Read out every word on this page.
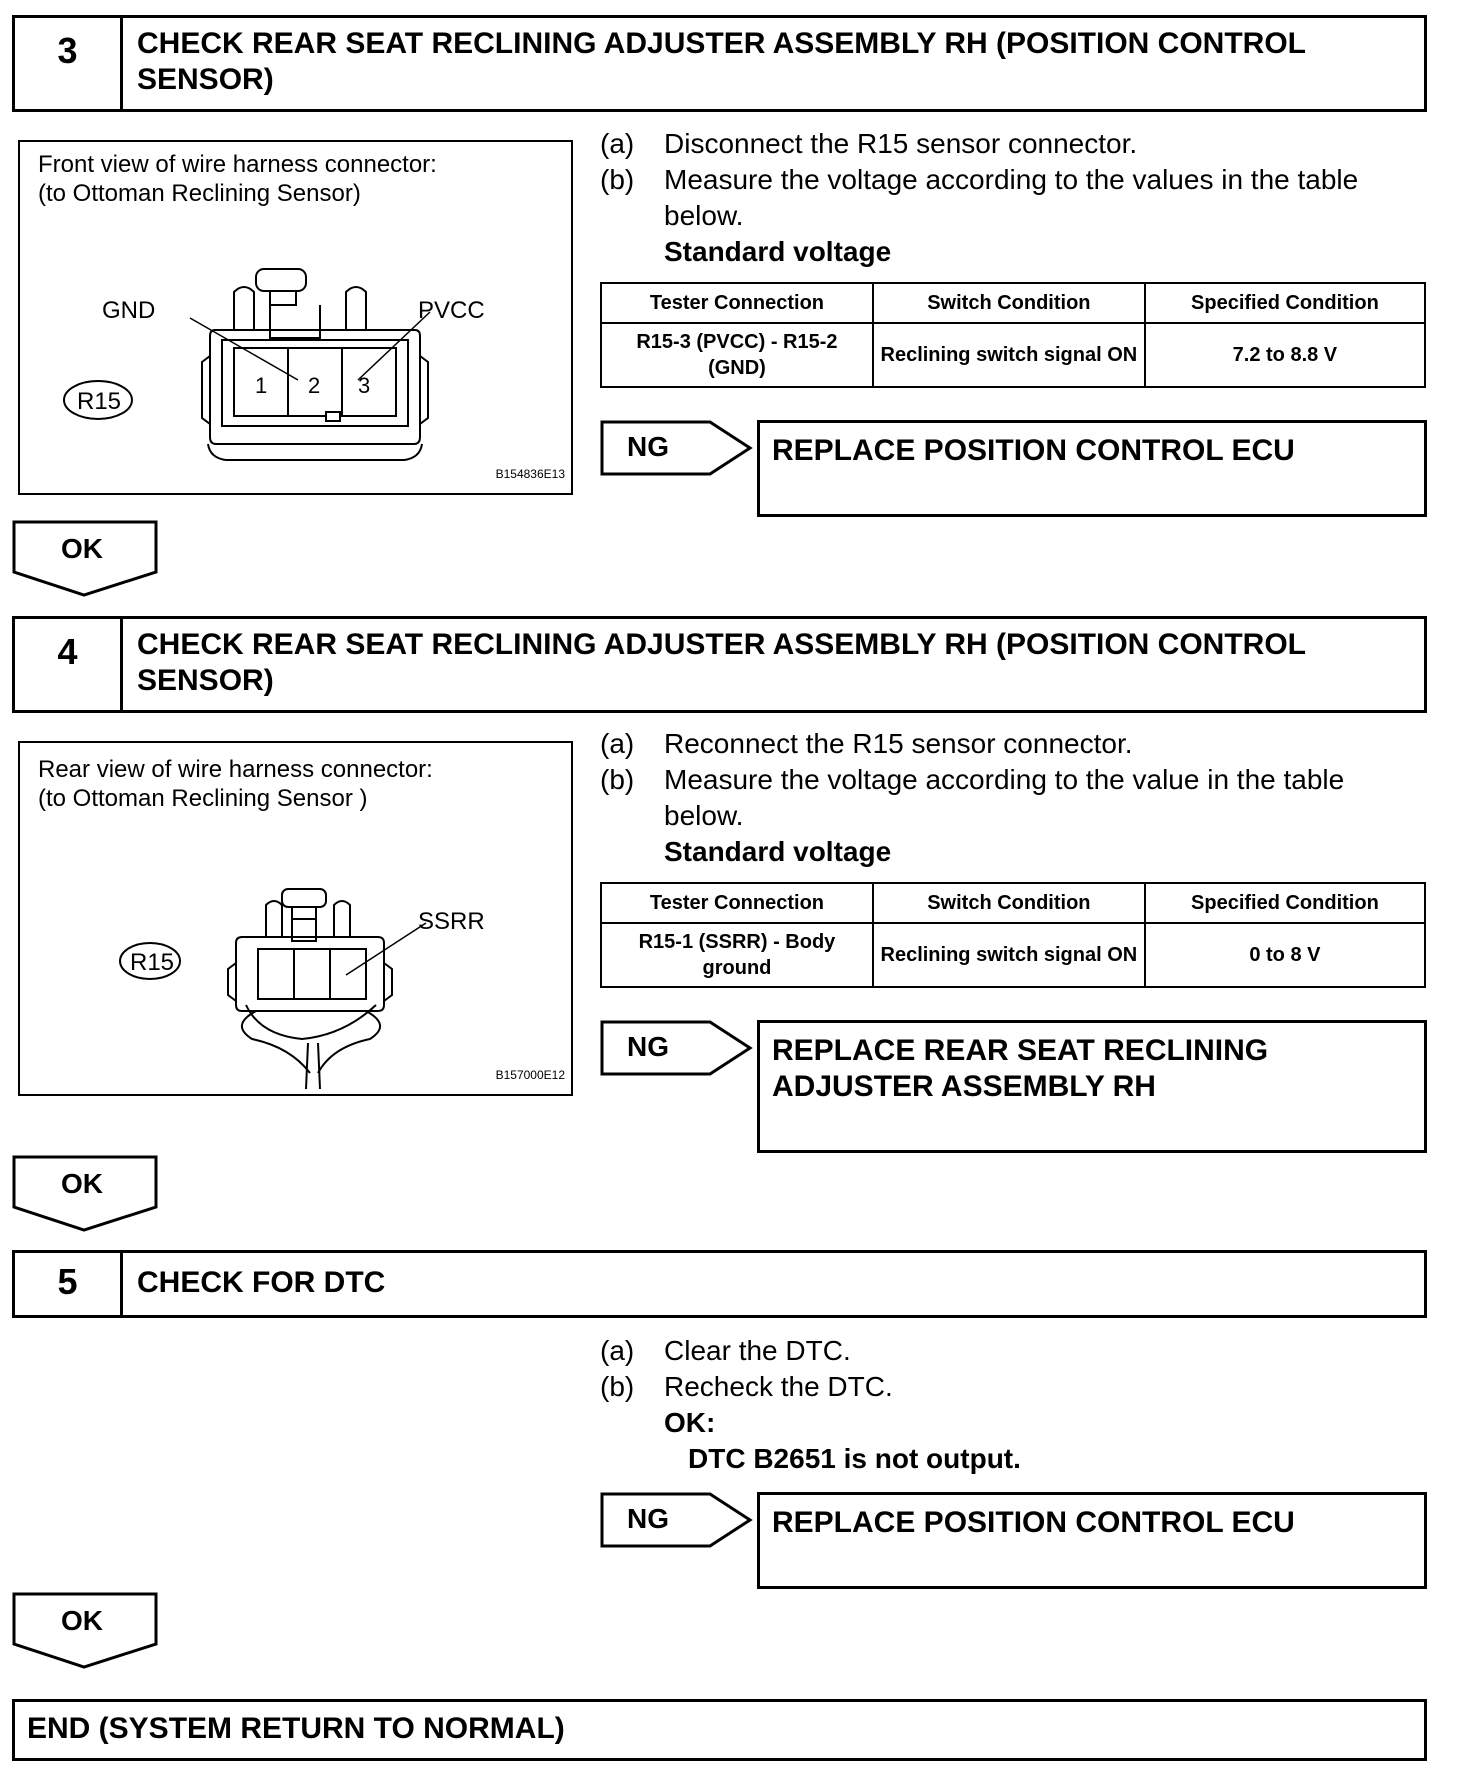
3	CHECK REAR SEAT RECLINING ADJUSTER ASSEMBLY RH (POSITION CONTROL SENSOR)
Front view of wire harness connector:
(to Ottoman Reclining Sensor)
GND	PVCC
R15
1 2 3
B154836E13
(a)	Disconnect the R15 sensor connector.
(b)	Measure the voltage according to the values in the table
below.
Standard voltage
Tester Connection	Switch Condition	Specified Condition
R15-3 (PVCC) - R15-2 (GND)	Reclining switch signal ON	7.2 to 8.8 V
NG	REPLACE POSITION CONTROL ECU
OK
4	CHECK REAR SEAT RECLINING ADJUSTER ASSEMBLY RH (POSITION CONTROL SENSOR)
Rear view of wire harness connector:
(to Ottoman Reclining Sensor )
SSRR
R15
B157000E12
(a)	Reconnect the R15 sensor connector.
(b)	Measure the voltage according to the value in the table
below.
Standard voltage
Tester Connection	Switch Condition	Specified Condition
R15-1 (SSRR) - Body ground	Reclining switch signal ON	0 to 8 V
NG	REPLACE REAR SEAT RECLINING ADJUSTER ASSEMBLY RH
OK
5	CHECK FOR DTC
(a)	Clear the DTC.
(b)	Recheck the DTC.
OK:
DTC B2651 is not output.
NG	REPLACE POSITION CONTROL ECU
OK
END (SYSTEM RETURN TO NORMAL)
